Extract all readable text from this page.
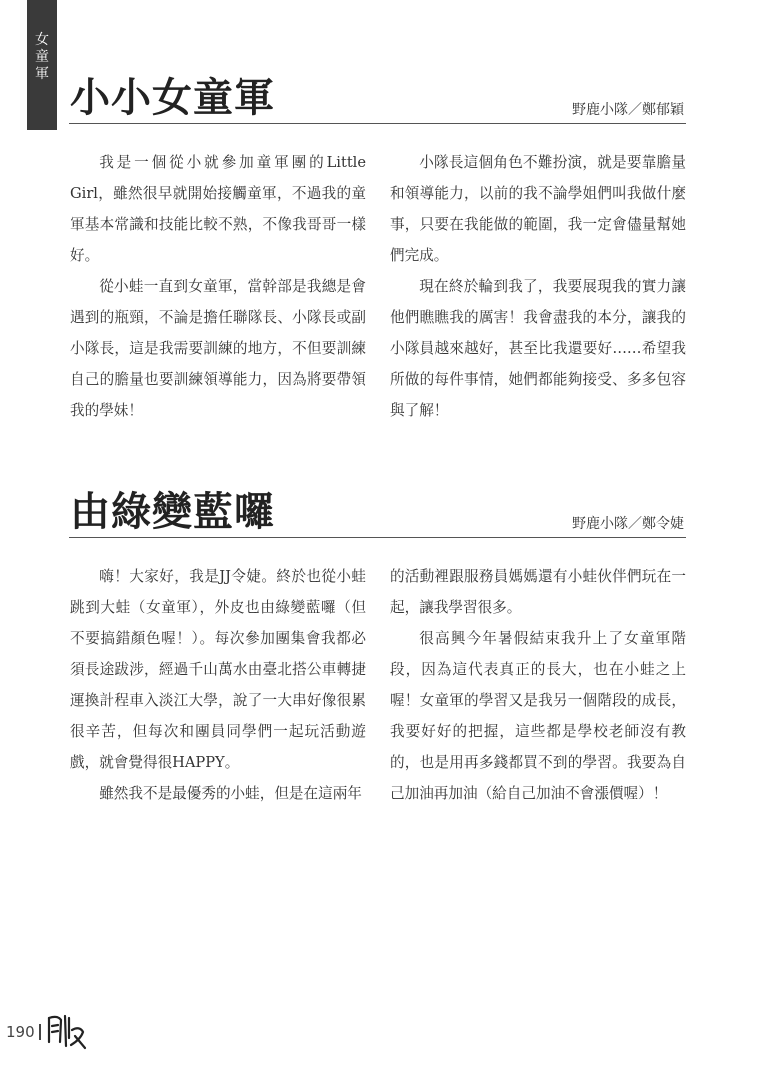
女
童
軍 小小女童軍	野鹿小隊／鄭郁穎

我是一個從小就參加童軍團的Little Girl，雖然很早就開始接觸童軍，不過我的童軍基本常識和技能比較不熟，不像我哥哥一樣好。

從小蛙一直到女童軍，當幹部是我總是會遇到的瓶頸，不論是擔任聯隊長、小隊長或副小隊長，這是我需要訓練的地方，不但要訓練自己的膽量也要訓練領導能力，因為將要帶領我的學妹！

小隊長這個角色不難扮演，就是要靠膽量和領導能力，以前的我不論學姐們叫我做什麼事，只要在我能做的範圍，我一定會儘量幫她們完成。

現在終於輪到我了，我要展現我的實力讓他們瞧瞧我的厲害！我會盡我的本分，讓我的小隊員越來越好，甚至比我還要好……希望我所做的每件事情，她們都能夠接受、多多包容與了解！

由綠變藍囉	野鹿小隊／鄭令婕

嗨！大家好，我是JJ令婕。終於也從小蛙跳到大蛙（女童軍），外皮也由綠變藍囉（但不要搞錯顏色喔！）。每次參加團集會我都必須長途跋涉，經過千山萬水由臺北搭公車轉捷運換計程車入淡江大學，說了一大串好像很累很辛苦，但每次和團員同學們一起玩活動遊戲，就會覺得很HAPPY。

雖然我不是最優秀的小蛙，但是在這兩年

的活動裡跟服務員媽媽還有小蛙伙伴們玩在一起，讓我學習很多。

很高興今年暑假結束我升上了女童軍階段，因為這代表真正的長大，也在小蛙之上喔！女童軍的學習又是我另一個階段的成長，我要好好的把握，這些都是學校老師沒有教的，也是用再多錢都買不到的學習。我要為自己加油再加油（給自己加油不會漲價喔）！

190
